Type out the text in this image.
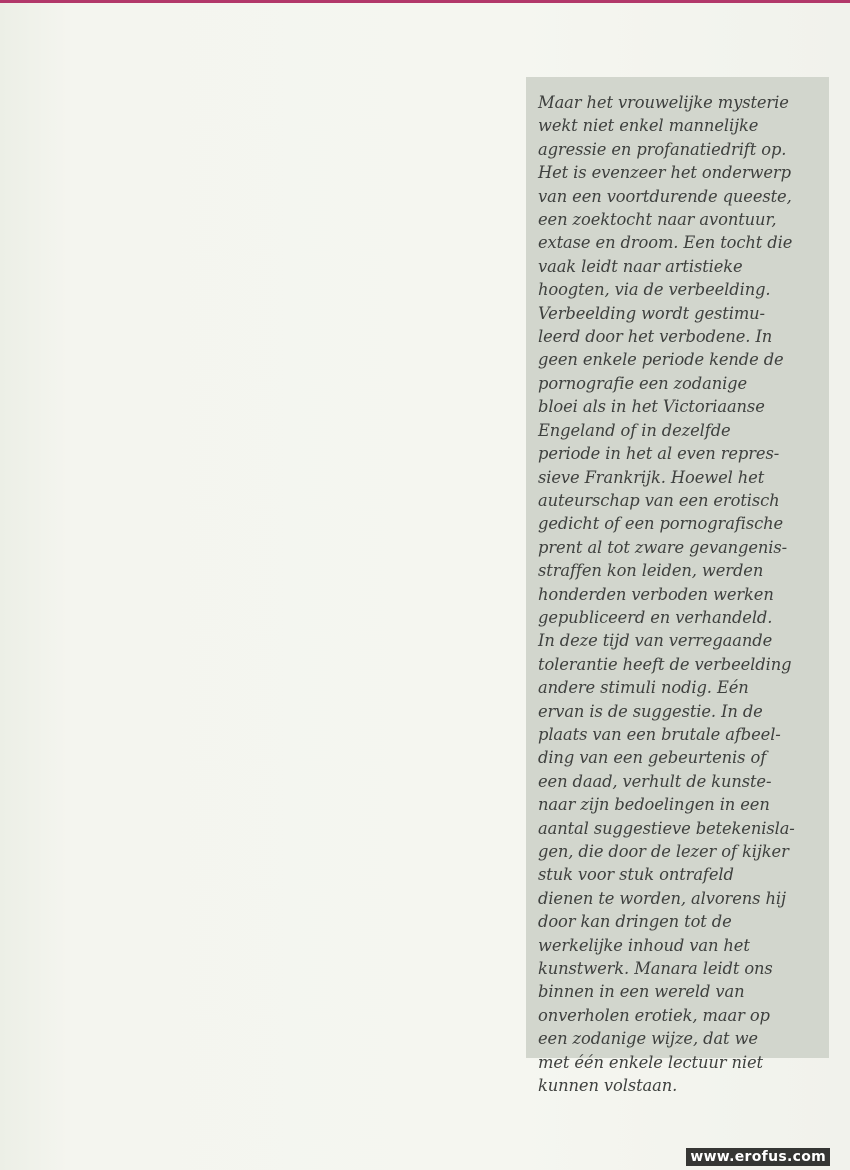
Maar het vrouwelijke mysterie
wekt niet enkel mannelijke
agressie en profanatiedrift op.
Het is evenzeer het onderwerp
van een voortdurende queeste,
een zoektocht naar avontuur,
extase en droom. Een tocht die
vaak leidt naar artistieke
hoogten, via de verbeelding.
Verbeelding wordt gestimu-
leerd door het verbodene. In
geen enkele periode kende de
pornografie een zodanige
bloei als in het Victoriaanse
Engeland of in dezelfde
periode in het al even repres-
sieve Frankrijk. Hoewel het
auteurschap van een erotisch
gedicht of een pornografische
prent al tot zware gevangenis-
straffen kon leiden, werden
honderden verboden werken
gepubliceerd en verhandeld.
In deze tijd van verregaande
tolerantie heeft de verbeelding
andere stimuli nodig. Eén
ervan is de suggestie. In de
plaats van een brutale afbeel-
ding van een gebeurtenis of
een daad, verhult de kunste-
naar zijn bedoelingen in een
aantal suggestieve betekenisla-
gen, die door de lezer of kijker
stuk voor stuk ontrafeld
dienen te worden, alvorens hij
door kan dringen tot de
werkelijke inhoud van het
kunstwerk. Manara leidt ons
binnen in een wereld van
onverholen erotiek, maar op
een zodanige wijze, dat we
met één enkele lectuur niet
kunnen volstaan.
www.erofus.com
